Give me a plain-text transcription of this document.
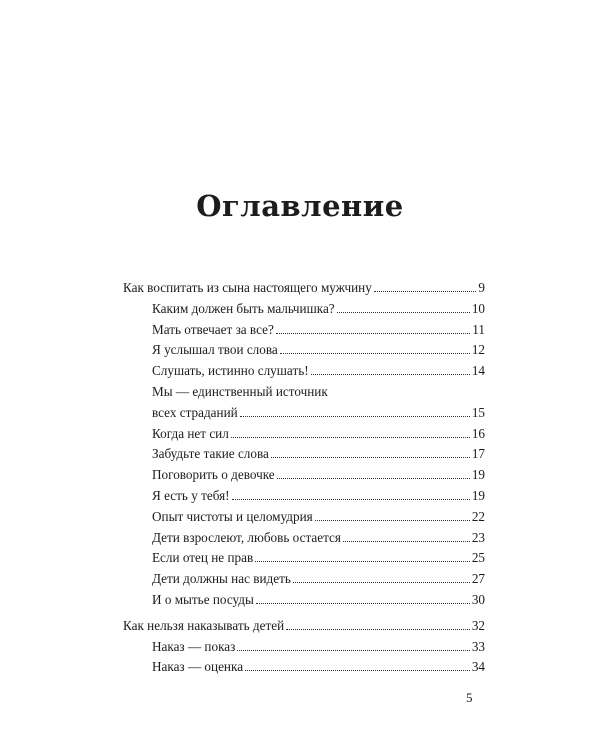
Оглавление
Как воспитать из сына настоящего мужчину	9
Каким должен быть мальчишка?	10
Мать отвечает за все?	11
Я услышал твои слова	12
Слушать, истинно слушать!	14
Мы — единственный источник
всех страданий	15
Когда нет сил	16
Забудьте такие слова	17
Поговорить о девочке	19
Я есть у тебя!	19
Опыт чистоты и целомудрия	22
Дети взрослеют, любовь остается	23
Если отец не прав	25
Дети должны нас видеть	27
И о мытье посуды	30
Как нельзя наказывать детей	32
Наказ — показ	33
Наказ — оценка	34
5
